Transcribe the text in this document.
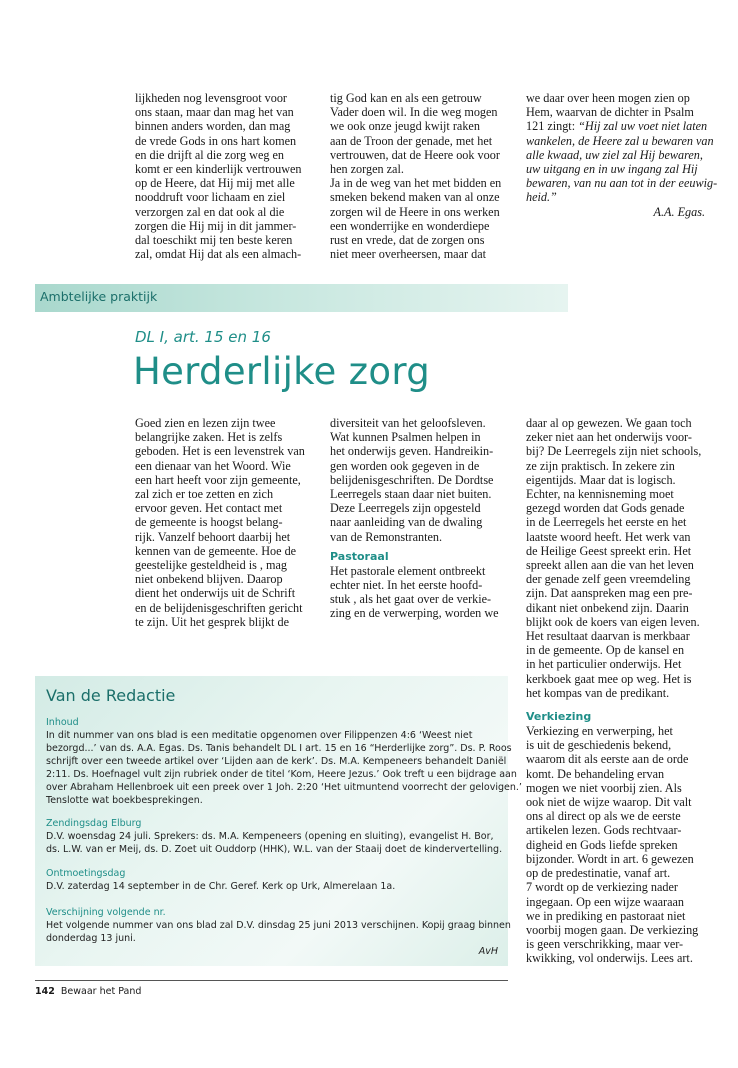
lijkheden nog levensgroot voor
ons staan, maar dan mag het van
binnen anders worden, dan mag
de vrede Gods in ons hart komen
en die drijft al die zorg weg en
komt er een kinderlijk vertrouwen
op de Heere, dat Hij mij met alle
nooddruft voor lichaam en ziel
verzorgen zal en dat ook al die
zorgen die Hij mij in dit jammer-
dal toeschikt mij ten beste keren
zal, omdat Hij dat als een almach-
tig God kan en als een getrouw
Vader doen wil. In die weg mogen
we ook onze jeugd kwijt raken
aan de Troon der genade, met het
vertrouwen, dat de Heere ook voor
hen zorgen zal.
Ja in de weg van het met bidden en
smeken bekend maken van al onze
zorgen wil de Heere in ons werken
een wonderrijke en wonderdiepe
rust en vrede, dat de zorgen ons
niet meer overheersen, maar dat
we daar over heen mogen zien op
Hem, waarvan de dichter in Psalm
121 zingt: “Hij zal uw voet niet laten
wankelen, de Heere zal u bewaren van
alle kwaad, uw ziel zal Hij bewaren,
uw uitgang en in uw ingang zal Hij
bewaren, van nu aan tot in der eeuwig-
heid.”
A.A. Egas.
Ambtelijke praktijk
DL I, art. 15 en 16
Herderlijke zorg
Goed zien en lezen zijn twee
belangrijke zaken. Het is zelfs
geboden. Het is een levenstrek van
een dienaar van het Woord. Wie
een hart heeft voor zijn gemeente,
zal zich er toe zetten en zich
ervoor geven. Het contact met
de gemeente is hoogst belang-
rijk. Vanzelf behoort daarbij het
kennen van de gemeente. Hoe de
geestelijke gesteldheid is , mag
niet onbekend blijven. Daarop
dient het onderwijs uit de Schrift
en de belijdenisgeschriften gericht
te zijn. Uit het gesprek blijkt de
diversiteit van het geloofsleven.
Wat kunnen Psalmen helpen in
het onderwijs geven. Handreikin-
gen worden ook gegeven in de
belijdenisgeschriften. De Dordtse
Leerregels staan daar niet buiten.
Deze Leerregels zijn opgesteld
naar aanleiding van de dwaling
van de Remonstranten.
Pastoraal
Het pastorale element ontbreekt
echter niet. In het eerste hoofd-
stuk , als het gaat over de verkie-
zing en de verwerping, worden we
daar al op gewezen. We gaan toch
zeker niet aan het onderwijs voor-
bij? De Leerregels zijn niet schools,
ze zijn praktisch. In zekere zin
eigentijds. Maar dat is logisch.
Echter, na kennisneming moet
gezegd worden dat Gods genade
in de Leerregels het eerste en het
laatste woord heeft. Het werk van
de Heilige Geest spreekt erin. Het
spreekt allen aan die van het leven
der genade zelf geen vreemdeling
zijn. Dat aanspreken mag een pre-
dikant niet onbekend zijn. Daarin
blijkt ook de koers van eigen leven.
Het resultaat daarvan is merkbaar
in de gemeente. Op de kansel en
in het particulier onderwijs. Het
kerkboek gaat mee op weg. Het is
het kompas van de predikant.
Verkiezing
Verkiezing en verwerping, het
is uit de geschiedenis bekend,
waarom dit als eerste aan de orde
komt. De behandeling ervan
mogen we niet voorbij zien. Als
ook niet de wijze waarop. Dit valt
ons al direct op als we de eerste
artikelen lezen. Gods rechtvaar-
digheid en Gods liefde spreken
bijzonder. Wordt in art. 6 gewezen
op de predestinatie, vanaf art.
7 wordt op de verkiezing nader
ingegaan. Op een wijze waaraan
we in prediking en pastoraat niet
voorbij mogen gaan. De verkiezing
is geen verschrikking, maar ver-
kwikking, vol onderwijs. Lees art.
Van de Redactie
Inhoud
In dit nummer van ons blad is een meditatie opgenomen over Filippenzen 4:6 ‘Weest niet
bezorgd...’ van ds. A.A. Egas. Ds. Tanis behandelt DL I art. 15 en 16 “Herderlijke zorg”. Ds. P. Roos
schrijft over een tweede artikel over ‘Lijden aan de kerk’. Ds. M.A. Kempeneers behandelt Daniël
2:11. Ds. Hoefnagel vult zijn rubriek onder de titel ‘Kom, Heere Jezus.’ Ook treft u een bijdrage aan
over Abraham Hellenbroek uit een preek over 1 Joh. 2:20 ‘Het uitmuntend voorrecht der gelovigen.’
Tenslotte wat boekbesprekingen.
Zendingsdag Elburg
D.V. woensdag 24 juli. Sprekers: ds. M.A. Kempeneers (opening en sluiting), evangelist H. Bor,
ds. L.W. van er Meij, ds. D. Zoet uit Ouddorp (HHK), W.L. van der Staaij doet de kindervertelling.
Ontmoetingsdag
D.V. zaterdag 14 september in de Chr. Geref. Kerk op Urk, Almerelaan 1a.
Verschijning volgende nr.
Het volgende nummer van ons blad zal D.V. dinsdag 25 juni 2013 verschijnen. Kopij graag binnen
donderdag 13 juni.
AvH
142 Bewaar het Pand
